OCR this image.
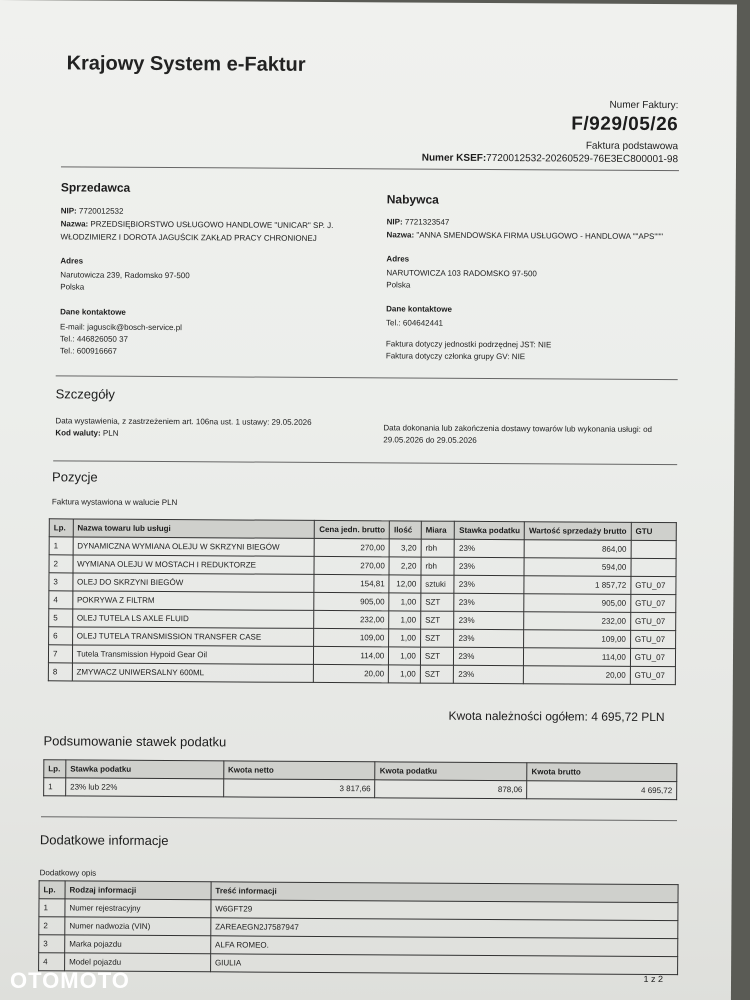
Krajowy System e-Faktur
Numer Faktury:
F/929/05/26
Faktura podstawowa
Numer KSEF:7720012532-20260529-76E3EC800001-98
Sprzedawca
NIP: 7720012532
Nazwa: PRZEDSIĘBIORSTWO USŁUGOWO HANDLOWE "UNICAR" SP. J.
WŁODZIMIERZ I DOROTA JAGUŚCIK ZAKŁAD PRACY CHRONIONEJ
Adres
Narutowicza 239, Radomsko 97-500
Polska
Dane kontaktowe
E-mail: jaguscik@bosch-service.pl
Tel.: 446826050 37
Tel.: 600916667
Nabywca
NIP: 7721323547
Nazwa: "ANNA SMENDOWSKA FIRMA USŁUGOWO - HANDLOWA ""APS"""
Adres
NARUTOWICZA 103 RADOMSKO 97-500
Polska
Dane kontaktowe
Tel.: 604642441
Faktura dotyczy jednostki podrzędnej JST: NIE
Faktura dotyczy członka grupy GV: NIE
Szczegóły
Data wystawienia, z zastrzeżeniem art. 106na ust. 1 ustawy: 29.05.2026
Kod waluty: PLN	Data dokonania lub zakończenia dostawy towarów lub wykonania usługi: od
29.05.2026 do 29.05.2026
Pozycje
Faktura wystawiona w walucie PLN
Lp.	Nazwa towaru lub usługi	Cena jedn. brutto	Ilość	Miara	Stawka podatku	Wartość sprzedaży brutto	GTU
1	DYNAMICZNA WYMIANA OLEJU W SKRZYNI BIEGÓW	270,00	3,20	rbh	23%	864,00	
2	WYMIANA OLEJU W MOSTACH I REDUKTORZE	270,00	2,20	rbh	23%	594,00	
3	OLEJ DO SKRZYNI BIEGÓW	154,81	12,00	sztuki	23%	1 857,72	GTU_07
4	POKRYWA Z FILTRM	905,00	1,00	SZT	23%	905,00	GTU_07
5	OLEJ TUTELA LS AXLE FLUID	232,00	1,00	SZT	23%	232,00	GTU_07
6	OLEJ TUTELA TRANSMISSION TRANSFER CASE	109,00	1,00	SZT	23%	109,00	GTU_07
7	Tutela Transmission Hypoid Gear Oil	114,00	1,00	SZT	23%	114,00	GTU_07
8	ZMYWACZ UNIWERSALNY 600ML	20,00	1,00	SZT	23%	20,00	GTU_07
Kwota należności ogółem: 4 695,72 PLN
Podsumowanie stawek podatku
Lp.	Stawka podatku	Kwota netto	Kwota podatku	Kwota brutto
1	23% lub 22%	3 817,66	878,06	4 695,72
Dodatkowe informacje
Dodatkowy opis
Lp.	Rodzaj informacji	Treść informacji
1	Numer rejestracyjny	W6GFT29
2	Numer nadwozia (VIN)	ZAREAEGN2J7587947
3	Marka pojazdu	ALFA ROMEO.
4	Model pojazdu	GIULIA
1 z 2
OTOMOTO
